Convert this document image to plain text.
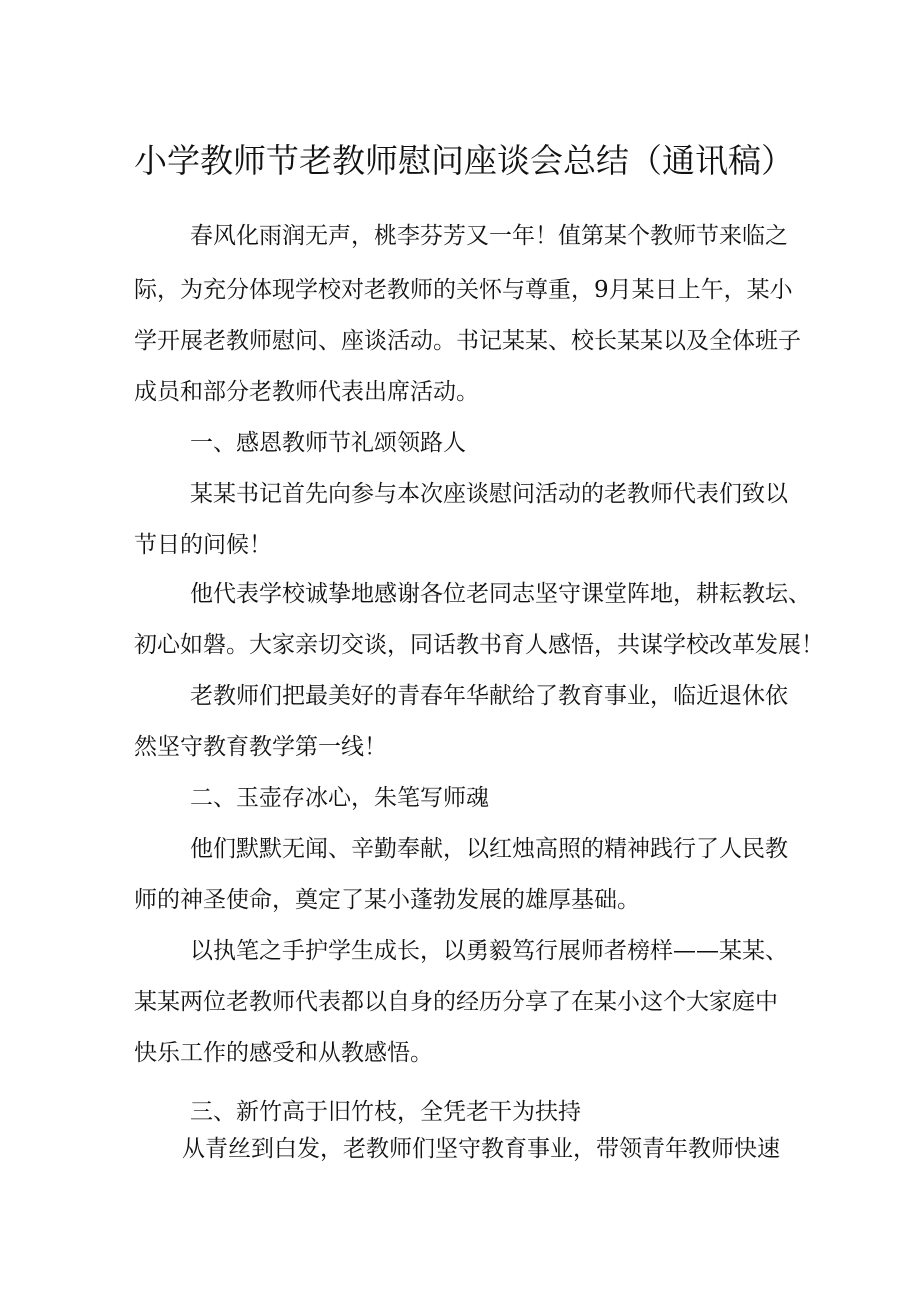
小学教师节老教师慰问座谈会总结（通讯稿）
春风化雨润无声，桃李芬芳又一年！值第某个教师节来临之
际，为充分体现学校对老教师的关怀与尊重，9月某日上午，某小
学开展老教师慰问、座谈活动。书记某某、校长某某以及全体班子
成员和部分老教师代表出席活动。
一、感恩教师节礼颂领路人
某某书记首先向参与本次座谈慰问活动的老教师代表们致以
节日的问候！
他代表学校诚挚地感谢各位老同志坚守课堂阵地，耕耘教坛、
初心如磐。大家亲切交谈，同话教书育人感悟，共谋学校改革发展！
老教师们把最美好的青春年华献给了教育事业，临近退休依
然坚守教育教学第一线！
二、玉壶存冰心，朱笔写师魂
他们默默无闻、辛勤奉献，以红烛高照的精神践行了人民教
师的神圣使命，奠定了某小蓬勃发展的雄厚基础。
以执笔之手护学生成长，以勇毅笃行展师者榜样——某某、
某某两位老教师代表都以自身的经历分享了在某小这个大家庭中
快乐工作的感受和从教感悟。
三、新竹高于旧竹枝，全凭老干为扶持
从青丝到白发，老教师们坚守教育事业，带领青年教师快速
